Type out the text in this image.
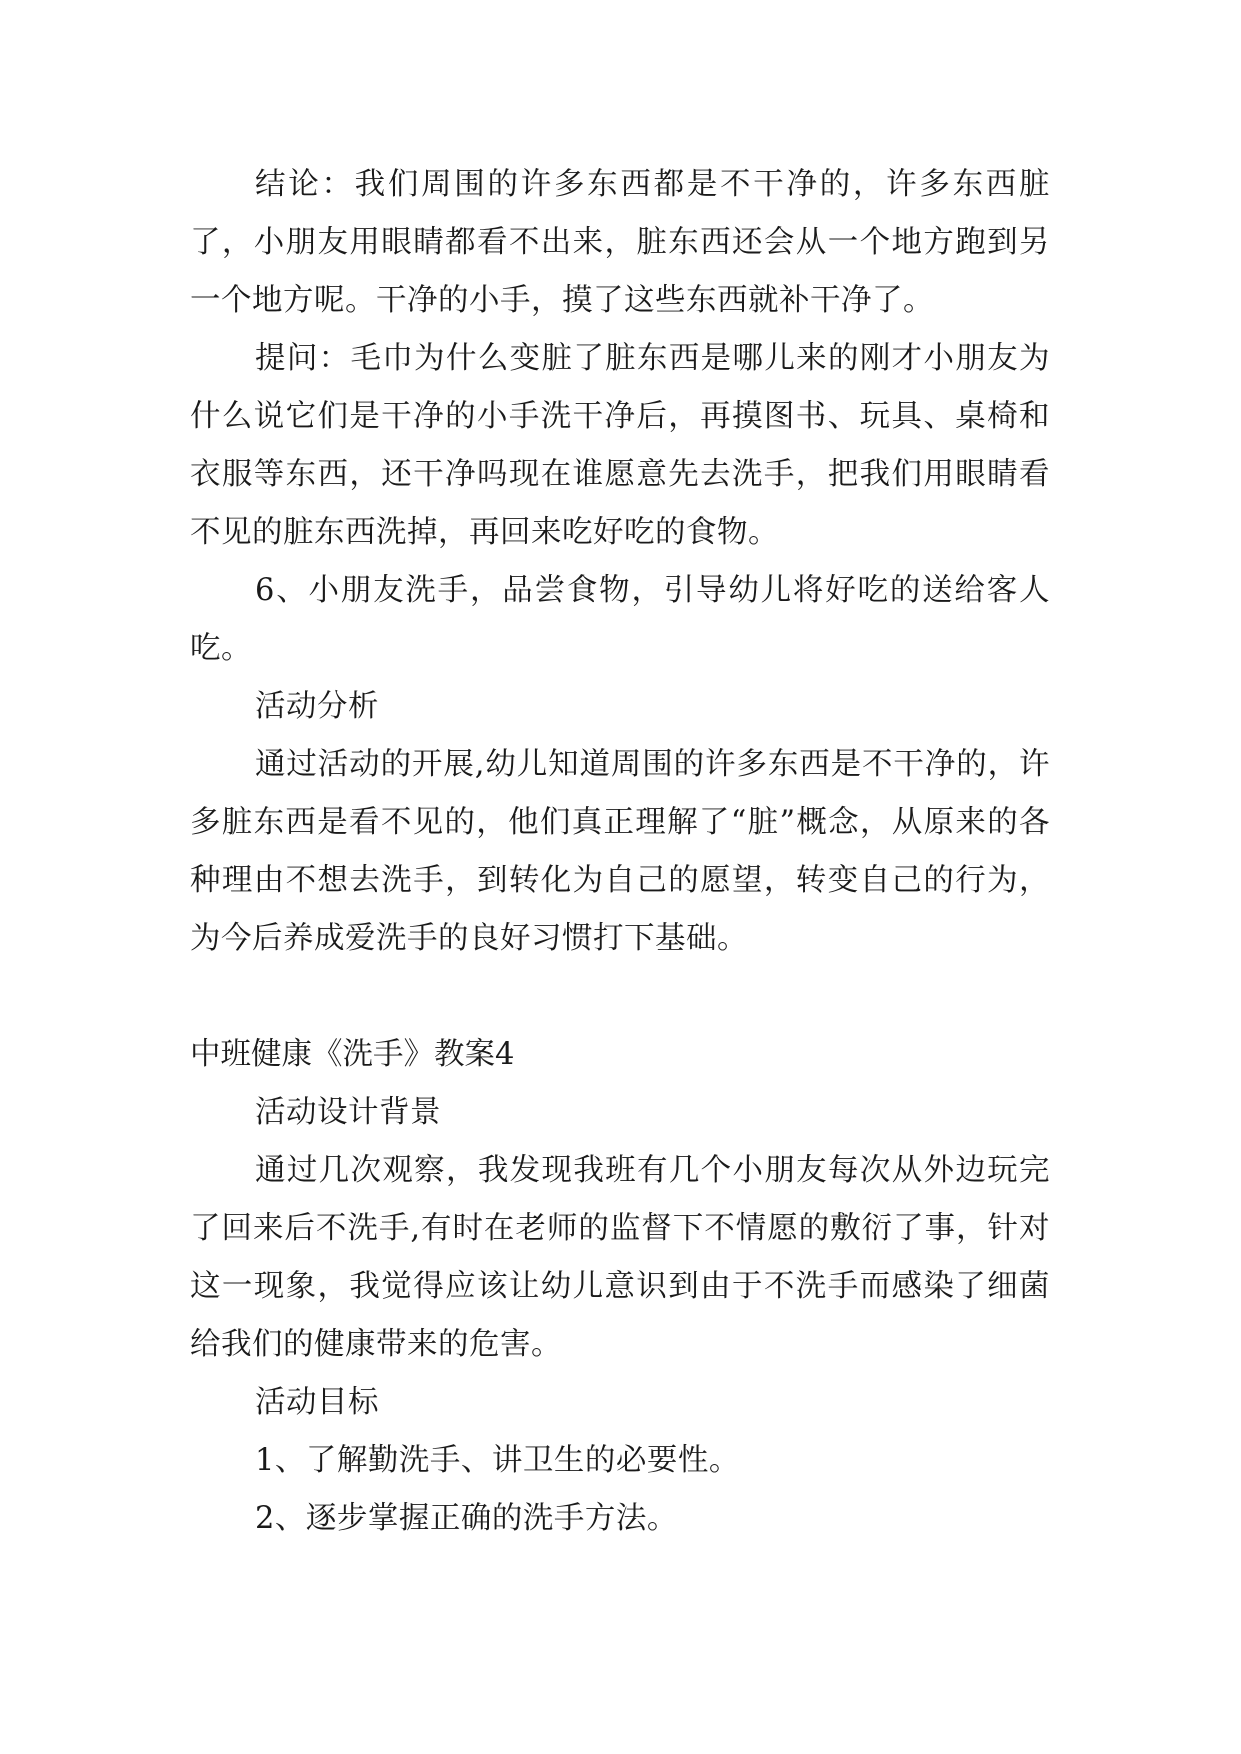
结论：我们周围的许多东西都是不干净的，许多东西脏了，小朋友用眼睛都看不出来，脏东西还会从一个地方跑到另一个地方呢。干净的小手，摸了这些东西就补干净了。

提问：毛巾为什么变脏了脏东西是哪儿来的刚才小朋友为什么说它们是干净的小手洗干净后，再摸图书、玩具、桌椅和衣服等东西，还干净吗现在谁愿意先去洗手，把我们用眼睛看不见的脏东西洗掉，再回来吃好吃的食物。

6、小朋友洗手，品尝食物，引导幼儿将好吃的送给客人吃。

活动分析

通过活动的开展,幼儿知道周围的许多东西是不干净的，许多脏东西是看不见的，他们真正理解了“脏”概念，从原来的各种理由不想去洗手，到转化为自己的愿望，转变自己的行为，为今后养成爱洗手的良好习惯打下基础。

中班健康《洗手》教案4

活动设计背景

通过几次观察，我发现我班有几个小朋友每次从外边玩完了回来后不洗手,有时在老师的监督下不情愿的敷衍了事，针对这一现象，我觉得应该让幼儿意识到由于不洗手而感染了细菌给我们的健康带来的危害。

活动目标

1、了解勤洗手、讲卫生的必要性。

2、逐步掌握正确的洗手方法。
